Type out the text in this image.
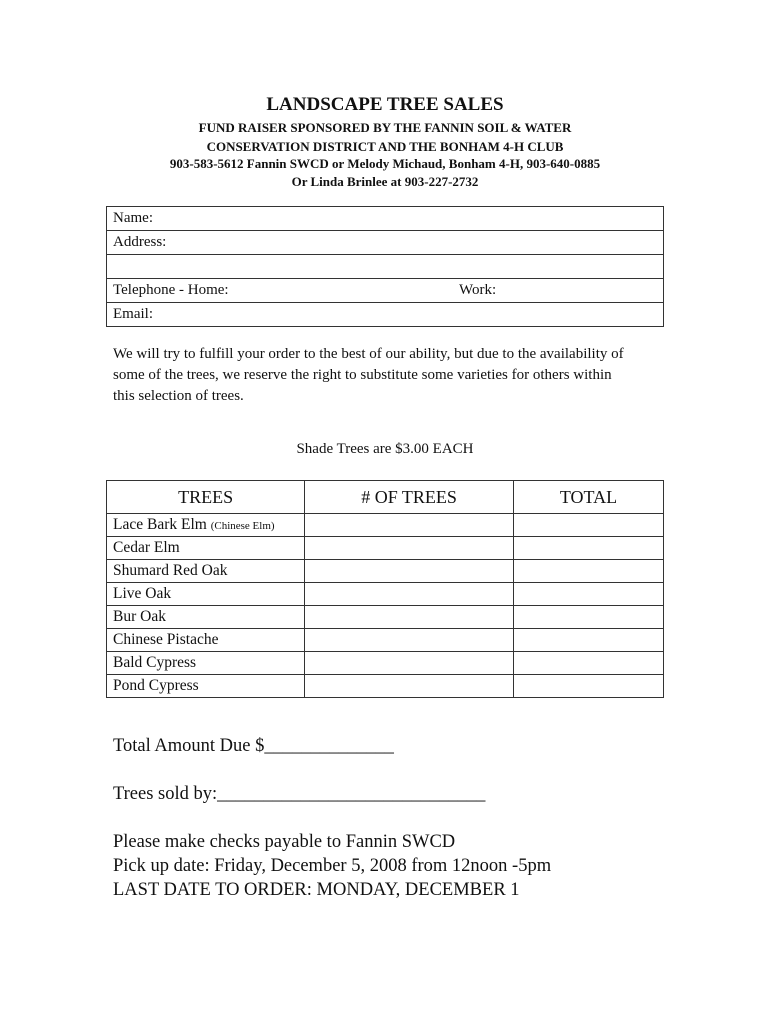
LANDSCAPE TREE SALES
FUND RAISER SPONSORED BY THE FANNIN SOIL & WATER
CONSERVATION DISTRICT AND THE BONHAM 4-H CLUB
903-583-5612 Fannin SWCD or Melody Michaud, Bonham 4-H, 903-640-0885
Or Linda Brinlee at 903-227-2732
Name:
Address:

Telephone - Home:	Work:

Email:
We will try to fulfill your order to the best of our ability, but due to the availability of some of the trees, we reserve the right to substitute some varieties for others within this selection of trees.
Shade Trees are $3.00 EACH
TREES	# OF TREES	TOTAL
Lace Bark Elm (Chinese Elm)		
Cedar Elm		
Shumard Red Oak		
Live Oak		
Bur Oak		
Chinese Pistache		
Bald Cypress		
Pond Cypress		
Total Amount Due $______________
Trees sold by:_____________________________
Please make checks payable to Fannin SWCD
Pick up date: Friday, December 5, 2008 from 12noon -5pm
LAST DATE TO ORDER: MONDAY, DECEMBER 1
